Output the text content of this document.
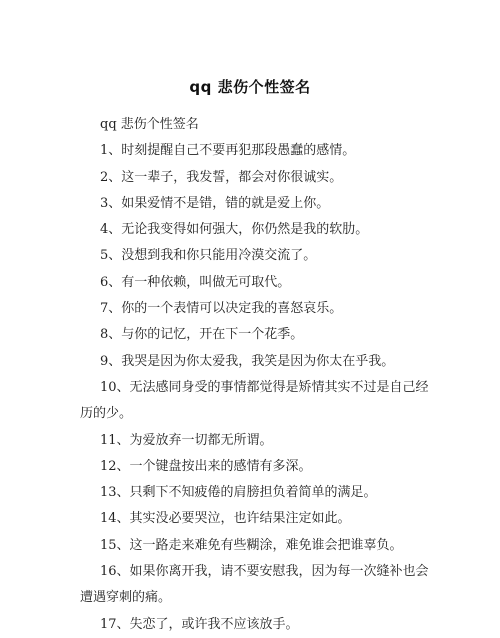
qq 悲伤个性签名

qq 悲伤个性签名

1、时刻提醒自己不要再犯那段愚蠢的感情。

2、这一辈子，我发誓，都会对你很诚实。

3、如果爱情不是错，错的就是爱上你。

4、无论我变得如何强大，你仍然是我的软肋。

5、没想到我和你只能用冷漠交流了。

6、有一种依赖，叫做无可取代。

7、你的一个表情可以决定我的喜怒哀乐。

8、与你的记忆，开在下一个花季。

9、我哭是因为你太爱我，我笑是因为你太在乎我。

10、无法感同身受的事情都觉得是矫情其实不过是自己经

历的少。

11、为爱放弃一切都无所谓。

12、一个键盘按出来的感情有多深。

13、只剩下不知疲倦的肩膀担负着简单的满足。

14、其实没必要哭泣，也许结果注定如此。

15、这一路走来难免有些糊涂，难免谁会把谁辜负。

16、如果你离开我，请不要安慰我，因为每一次缝补也会

遭遇穿刺的痛。

17、失恋了，或许我不应该放手。
